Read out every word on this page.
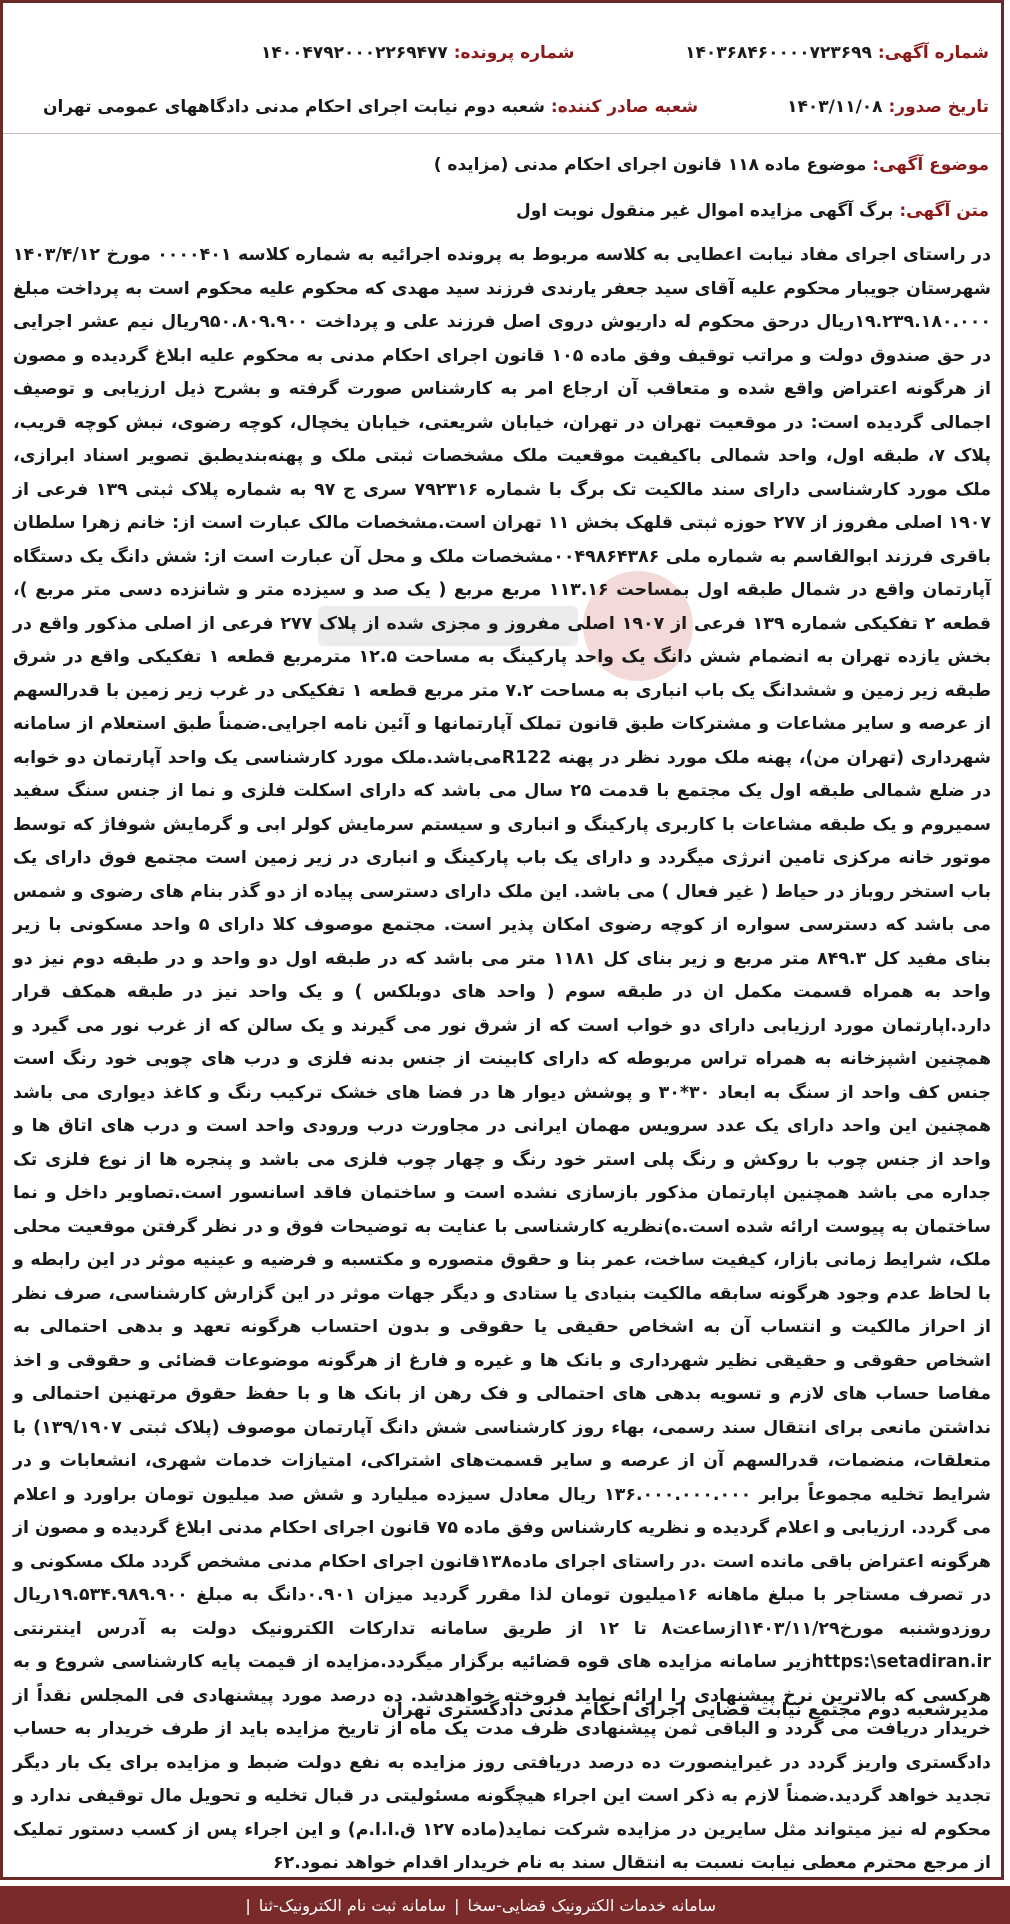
شماره آگهی: ۱۴۰۳۶۸۴۶۰۰۰۰۷۲۳۶۹۹
شماره پرونده: ۱۴۰۰۴۷۹۲۰۰۰۲۲۶۹۴۷۷
تاریخ صدور: ۱۴۰۳/۱۱/۰۸
شعبه صادر کننده: شعبه دوم نیابت اجرای احکام مدنی دادگاههای عمومی تهران
موضوع آگهی: موضوع ماده ۱۱۸ قانون اجرای احکام مدنی (مزایده )
متن آگهی: برگ آگهی مزایده اموال غیر منقول نوبت اول

در راستای اجرای مفاد نیابت اعطایی به کلاسه مربوط به پرونده اجرائیه به شماره کلاسه ۰۰۰۰۴۰۱ مورخ ۱۴۰۳/۴/۱۲ شهرستان جویبار محکوم علیه آقای سید جعفر یارندی فرزند سید مهدی که محکوم علیه محکوم است به پرداخت مبلغ ۱۹.۲۳۹.۱۸۰.۰۰۰ریال درحق محکوم له داریوش دروی اصل فرزند علی و پرداخت ۹۵۰.۸۰۹.۹۰۰ریال نیم عشر اجرایی در حق صندوق دولت و مراتب توقیف وفق ماده ۱۰۵ قانون اجرای احکام مدنی به محکوم علیه ابلاغ گردیده و مصون از هرگونه اعتراض واقع شده و متعاقب آن ارجاع امر به کارشناس صورت گرفته و بشرح ذیل ارزیابی و توصیف اجمالی گردیده است: در موقعیت تهران در تهران، خیابان شریعتی، خیابان یخچال، کوچه رضوی، نبش کوچه قریب، پلاک ۷، طبقه اول، واحد شمالی باکیفیت موقعیت ملک مشخصات ثبتی ملک و پهنه‌بندیطبق تصویر اسناد ابرازی، ملک مورد کارشناسی دارای سند مالکیت تک برگ با شماره ۷۹۲۳۱۶ سری ج ۹۷ به شماره پلاک ثبتی ۱۳۹ فرعی از ۱۹۰۷ اصلی مفروز از ۲۷۷ حوزه ثبتی قلهک بخش ۱۱ تهران است.مشخصات مالک عبارت است از: خانم زهرا سلطان باقری فرزند ابوالقاسم به شماره ملی ۰۰۴۹۸۶۴۳۸۶مشخصات ملک و محل آن عبارت است از: شش دانگ یک دستگاه آپارتمان واقع در شمال طبقه اول بمساحت ۱۱۳.۱۶ مربع مربع ( یک صد و سیزده متر و شانزده دسی متر مربع )، قطعه ۲ تفکیکی شماره ۱۳۹ فرعی از ۱۹۰۷ اصلی مفروز و مجزی شده از پلاک ۲۷۷ فرعی از اصلی مذکور واقع در بخش یازده تهران به انضمام شش دانگ یک واحد پارکینگ به مساحت ۱۲.۵ مترمربع قطعه ۱ تفکیکی واقع در شرق طبقه زیر زمین و ششدانگ یک باب انباری به مساحت ۷.۲ متر مربع قطعه ۱ تفکیکی در غرب زیر زمین با قدرالسهم از عرصه و سایر مشاعات و مشترکات طبق قانون تملک آپارتمانها و آئین نامه اجرایی.ضمناً طبق استعلام از سامانه شهرداری (تهران من)، پهنه ملک مورد نظر در پهنه R122می‌باشد.ملک مورد کارشناسی یک واحد آپارتمان دو خوابه در ضلع شمالی طبقه اول یک مجتمع با قدمت ۲۵ سال می باشد که دارای اسکلت فلزی و نما از جنس سنگ سفید سمیروم و یک طبقه مشاعات با کاربری پارکینگ و انباری و سیستم سرمایش کولر ابی و گرمایش شوفاژ که توسط موتور خانه مرکزی تامین انرژی میگردد و دارای یک باب پارکینگ و انباری در زیر زمین است مجتمع فوق دارای یک باب استخر روباز در حیاط ( غیر فعال ) می باشد. این ملک دارای دسترسی پیاده از دو گذر بنام های رضوی و شمس می باشد که دسترسی سواره از کوچه رضوی امکان پذیر است. مجتمع موصوف کلا دارای ۵ واحد مسکونی با زیر بنای مفید کل ۸۴۹.۳ متر مربع و زیر بنای کل ۱۱۸۱ متر می باشد که در طبقه اول دو واحد و در طبقه دوم نیز دو واحد به همراه قسمت مکمل ان در طبقه سوم ( واحد های دوبلکس ) و یک واحد نیز در طبقه همکف قرار دارد.اپارتمان مورد ارزیابی دارای دو خواب است که از شرق نور می گیرند و یک سالن که از غرب نور می گیرد و همچنین اشپزخانه به همراه تراس مربوطه که دارای کابینت از جنس بدنه فلزی و درب های چوبی خود رنگ است جنس کف واحد از سنگ به ابعاد ۳۰*۳۰ و پوشش دیوار ها در فضا های خشک ترکیب رنگ و کاغذ دیواری می باشد همچنین این واحد دارای یک عدد سرویس مهمان ایرانی در مجاورت درب ورودی واحد است و درب های اتاق ها و واحد از جنس چوب با روکش و رنگ پلی استر خود رنگ و چهار چوب فلزی می باشد و پنجره ها از نوع فلزی تک جداره می باشد همچنین اپارتمان مذکور بازسازی نشده است و ساختمان فاقد اسانسور است.تصاویر داخل و نما ساختمان به پیوست ارائه شده است.ه)نظریه کارشناسی با عنایت به توضیحات فوق و در نظر گرفتن موقعیت محلی ملک، شرایط زمانی بازار، کیفیت ساخت، عمر بنا و حقوق متصوره و مکتسبه و فرضیه و عینیه موثر در این رابطه و با لحاظ عدم وجود هرگونه سابقه مالکیت بنیادی یا ستادی و دیگر جهات موثر در این گزارش کارشناسی، صرف نظر از احراز مالکیت و انتساب آن به اشخاص حقیقی یا حقوقی و بدون احتساب هرگونه تعهد و بدهی احتمالی به اشخاص حقوقی و حقیقی نظیر شهرداری و بانک ها و غیره و فارغ از هرگونه موضوعات قضائی و حقوقی و اخذ مفاصا حساب های لازم و تسویه بدهی های احتمالی و فک رهن از بانک ها و با حفظ حقوق مرتهنین احتمالی و نداشتن مانعی برای انتقال سند رسمی، بهاء روز کارشناسی شش دانگ آپارتمان موصوف (پلاک ثبتی ۱۳۹/۱۹۰۷) با متعلقات، منضمات، قدرالسهم آن از عرصه و سایر قسمت‌های اشتراکی، امتیازات خدمات شهری، انشعابات و در شرایط تخلیه مجموعاً برابر ۱۳۶.۰۰۰.۰۰۰.۰۰۰ ریال معادل سیزده میلیارد و شش صد میلیون تومان براورد و اعلام می گردد. ارزیابی و اعلام گردیده و نظریه کارشناس وفق ماده ۷۵ قانون اجرای احکام مدنی ابلاغ گردیده و مصون از هرگونه اعتراض باقی مانده است .در راستای اجرای ماده۱۳۸قانون اجرای احکام مدنی مشخص گردد ملک مسکونی و در تصرف مستاجر با مبلغ ماهانه ۱۶میلیون تومان لذا مقرر گردید میزان ۰.۹۰۱دانگ به مبلغ ۱۹.۵۳۴.۹۸۹.۹۰۰ریال روزدوشنبه مورخ۱۴۰۳/۱۱/۲۹ازساعت۸ تا ۱۲ از طریق سامانه تدارکات الکترونیک دولت به آدرس اینترنتی https:\setadiran.irزیر سامانه مزایده های قوه قضائیه برگزار میگردد.مزایده از قیمت پایه کارشناسی شروع و به هرکسی که بالاترین نرخ پیشنهادی را ارائه نماید فروخته خواهدشد. ده درصد مورد پیشنهادی فی المجلس نقداً از خریدار دریافت می گردد و الباقی ثمن پیشنهادی ظرف مدت یک ماه از تاریخ مزایده باید از طرف خریدار به حساب دادگستری واریز گردد در غیراینصورت ده درصد دریافتی روز مزایده به نفع دولت ضبط و مزایده برای یک بار دیگر تجدید خواهد گردید.ضمناً لازم به ذکر است این اجراء هیچگونه مسئولیتی در قبال تخلیه و تحویل مال توقیفی ندارد و محکوم له نیز میتواند مثل سایرین در مزایده شرکت نماید(ماده ۱۲۷ ق.ا.ا.م) و این اجراء پس از کسب دستور تملیک از مرجع محترم معطی نیابت نسبت به انتقال سند به نام خریدار اقدام خواهد نمود.۶۲

مدیرشعبه دوم مجتمع نیابت قضایی اجرای احکام مدنی دادگستری تهران
سامانه خدمات الکترونیک قضایی-سخا
|
سامانه ثبت نام الکترونیک-ثنا
|
